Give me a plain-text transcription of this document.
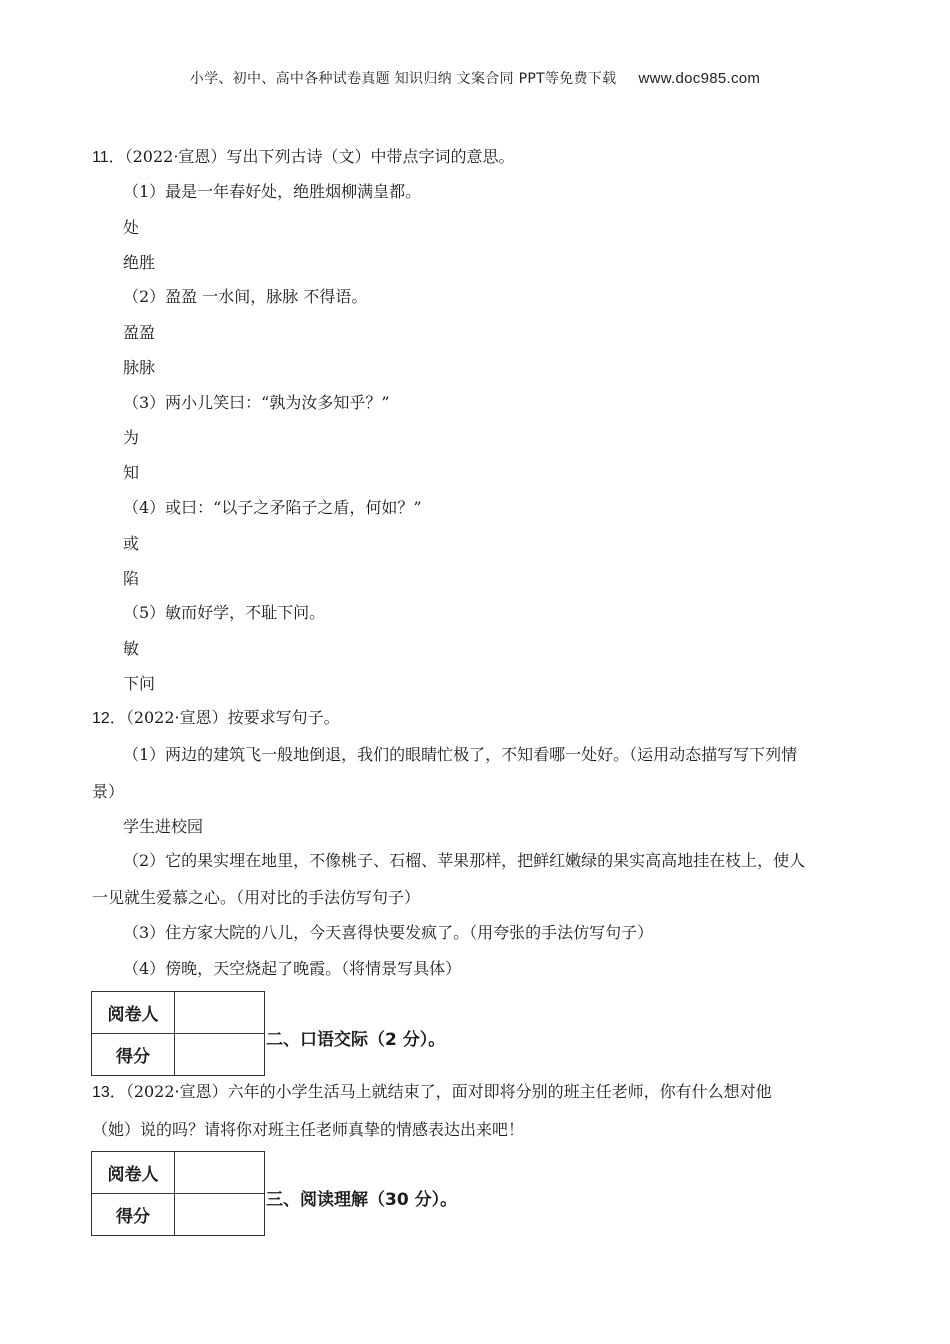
小学、初中、高中各种试卷真题 知识归纳 文案合同 PPT等免费下载 www.doc985.com
11．（2022·宣恩）写出下列古诗（文）中带点字词的意思。
（1）最是一年春好处，绝胜烟柳满皇都。
处
绝胜
（2）盈盈 一水间，脉脉 不得语。
盈盈
脉脉
（3）两小儿笑曰：“孰为汝多知乎？”
为
知
（4）或曰：“以子之矛陷子之盾，何如？”
或
陷
（5）敏而好学，不耻下问。
敏
下问
12．（2022·宣恩）按要求写句子。
（1）两边的建筑飞一般地倒退，我们的眼睛忙极了，不知看哪一处好。（运用动态描写写下列情
景）
学生进校园
（2）它的果实埋在地里，不像桃子、石榴、苹果那样，把鲜红嫩绿的果实高高地挂在枝上，使人
一见就生爱慕之心。（用对比的手法仿写句子）
（3）住方家大院的八儿，今天喜得快要发疯了。（用夸张的手法仿写句子）
（4）傍晚，天空烧起了晚霞。（将情景写具体）
阅卷人	
得分	
二、口语交际（2 分）。
13．（2022·宣恩）六年的小学生活马上就结束了，面对即将分别的班主任老师，你有什么想对他
（她）说的吗？请将你对班主任老师真挚的情感表达出来吧！
阅卷人	
得分	
三、阅读理解（30 分）。
